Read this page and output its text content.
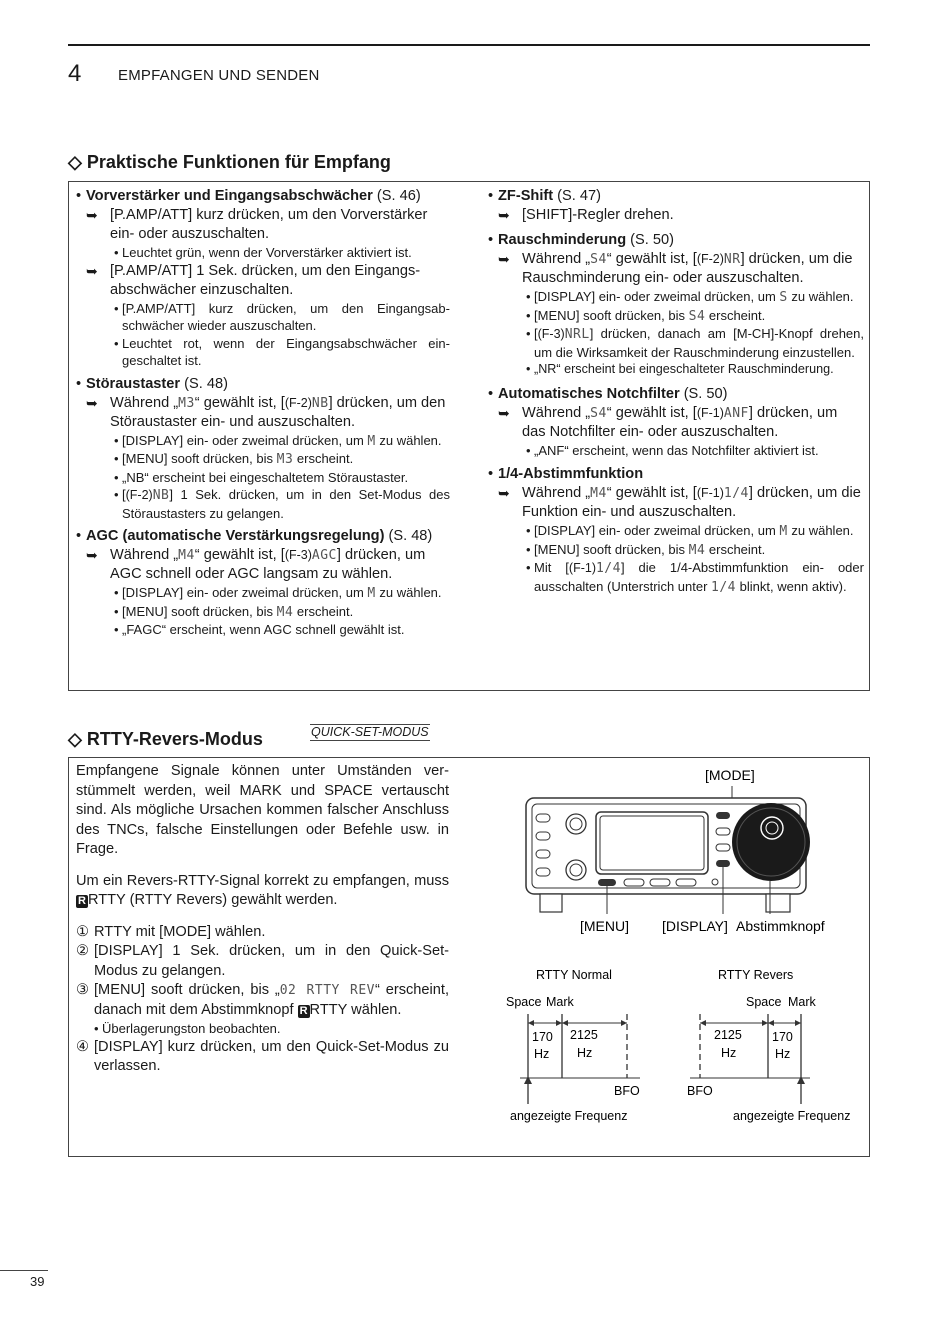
4 EMPFANGEN UND SENDEN
◇ Praktische Funktionen für Empfang
• Vorverstärker und Eingangsabschwächer (S. 46)
➥ [P.AMP/ATT] kurz drücken, um den Vorverstärker ein- oder auszuschalten.
• Leuchtet grün, wenn der Vorverstärker aktiviert ist.
➥ [P.AMP/ATT] 1 Sek. drücken, um den Eingangsabschwächer einzuschalten.
• [P.AMP/ATT] kurz drücken, um den Eingangsabschwächer wieder auszuschalten.
• Leuchtet rot, wenn der Eingangsabschwächer eingeschaltet ist.
• Störaustaster (S. 48)
➥ Während „M3“ gewählt ist, [(F-2)NB] drücken, um den Störaustaster ein- und auszuschalten.
• [DISPLAY] ein- oder zweimal drücken, um M zu wählen.
• [MENU] sooft drücken, bis M3 erscheint.
• „NB“ erscheint bei eingeschaltetem Störaustaster.
• [(F-2)NB] 1 Sek. drücken, um in den Set-Modus des Störaustasters zu gelangen.
• AGC (automatische Verstärkungsregelung) (S. 48)
➥ Während „M4“ gewählt ist, [(F-3)AGC] drücken, um AGC schnell oder AGC langsam zu wählen.
• [DISPLAY] ein- oder zweimal drücken, um M zu wählen.
• [MENU] sooft drücken, bis M4 erscheint.
• „FAGC“ erscheint, wenn AGC schnell gewählt ist.
• ZF-Shift (S. 47)
➥ [SHIFT]-Regler drehen.
• Rauschminderung (S. 50)
➥ Während „S4“ gewählt ist, [(F-2)NR] drücken, um die Rauschminderung ein- oder auszuschalten.
• [DISPLAY] ein- oder zweimal drücken, um S zu wählen.
• [MENU] sooft drücken, bis S4 erscheint.
• [(F-3)NRL] drücken, danach am [M-CH]-Knopf drehen, um die Wirksamkeit der Rauschminderung einzustellen.
• „NR“ erscheint bei eingeschalteter Rauschminderung.
• Automatisches Notchfilter (S. 50)
➥ Während „S4“ gewählt ist, [(F-1)ANF] drücken, um das Notchfilter ein- oder auszuschalten.
• „ANF“ erscheint, wenn das Notchfilter aktiviert ist.
• 1/4-Abstimmfunktion
➥ Während „M4“ gewählt ist, [(F-1)1/4] drücken, um die Funktion ein- und auszuschalten.
• [DISPLAY] ein- oder zweimal drücken, um M zu wählen.
• [MENU] sooft drücken, bis M4 erscheint.
• Mit [(F-1)1/4] die 1/4-Abstimmfunktion ein- oder ausschalten (Unterstrich unter 1/4 blinkt, wenn aktiv).
◇ RTTY-Revers-Modus	QUICK-SET-MODUS

Empfangene Signale können unter Umständen verstümmelt werden, weil MARK und SPACE vertauscht sind. Als mögliche Ursachen kommen falscher Anschluss des TNCs, falsche Einstellungen oder Befehle usw. in Frage.

Um ein Revers-RTTY-Signal korrekt zu empfangen, muss R RTTY (RTTY Revers) gewählt werden.

① RTTY mit [MODE] wählen.
② [DISPLAY] 1 Sek. drücken, um in den Quick-Set-Modus zu gelangen.
③ [MENU] sooft drücken, bis „02 RTTY REV“ erscheint, danach mit dem Abstimmknopf R RTTY wählen.
• Überlagerungston beobachten.
④ [DISPLAY] kurz drücken, um den Quick-Set-Modus zu verlassen.
[MODE]
[MENU] [DISPLAY] Abstimmknopf
RTTY Normal
Space Mark
170
Hz
2125
Hz
BFO
angezeigte Frequenz
RTTY Revers
Space Mark
2125
Hz
170
Hz
BFO
angezeigte Frequenz
39
